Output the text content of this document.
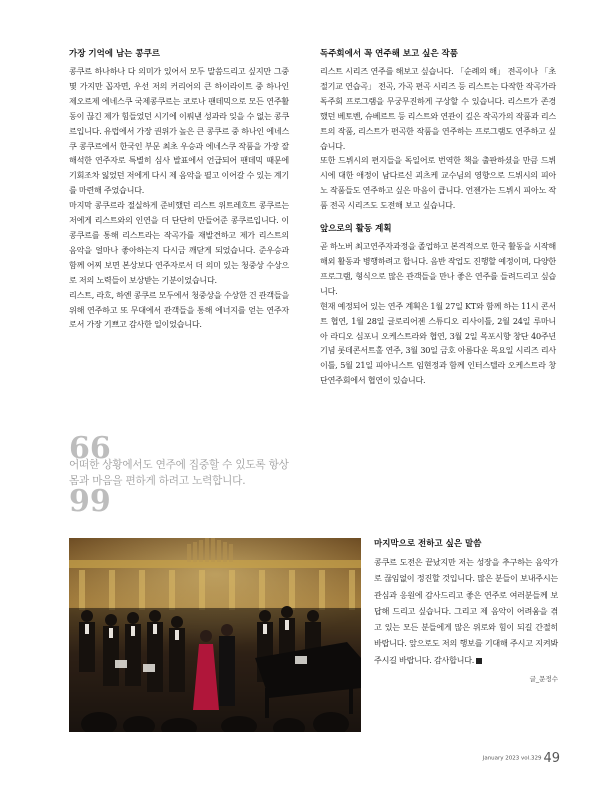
가장 기억에 남는 콩쿠르

콩쿠르 하나하나 다 의미가 있어서 모두 말씀드리고 싶지만 그중 몇 가지만 꼽자면, 우선 저의 커리어의 큰 하이라이트 중 하나인 제오르제 에네스쿠 국제콩쿠르는 코로나 팬데믹으로 모든 연주활동이 끊긴 제가 힘들었던 시기에 이뤄낸 성과라 잊을 수 없는 콩쿠르입니다. 유럽에서 가장 권위가 높은 큰 콩쿠르 중 하나인 에네스쿠 콩쿠르에서 한국인 부문 최초 우승과 에네스쿠 작품을 가장 잘 해석한 연주자로 특별히 심사 발표에서 언급되어 팬데믹 때문에 기회조차 잃었던 저에게 다시 제 음악을 펼고 이어갈 수 있는 계기를 마련해 주었습니다.

마지막 콩쿠르라 절실하게 준비했던 리스트 위트레흐트 콩쿠르는 저에게 리스트와의 인연을 더 단단히 만들어준 콩쿠르입니다. 이 콩쿠르를 통해 리스트라는 작곡가를 재발견하고 제가 리스트의 음악을 얼마나 좋아하는지 다시금 깨닫게 되었습니다. 준우승과 함께 어찌 보면 본상보다 연주자로서 더 의미 있는 청중상 수상으로 저의 노력들이 보상받는 기분이었습니다.

리스트, 라흐, 하엔 콩쿠르 모두에서 청중상을 수상한 건 관객들을 위해 연주하고 또 무대에서 관객들을 통해 에너지를 얻는 연주자로서 가장 기쁘고 감사한 일이었습니다.

66

어떠한 상황에서도 연주에 집중할 수 있도록 항상 몸과 마음을 편하게 하려고 노력합니다.

99
독주회에서 꼭 연주해 보고 싶은 작품

리스트 시리즈 연주를 해보고 싶습니다. 「순례의 해」 전곡이나 「초절기교 연습곡」 전곡, 가곡 편곡 시리즈 등 리스트는 다작한 작곡가라 독주회 프로그램을 무궁무진하게 구상할 수 있습니다. 리스트가 존경했던 베토벤, 슈베르트 등 리스트와 연관이 깊은 작곡가의 작품과 리스트의 작품, 리스트가 편곡한 작품을 연주하는 프로그램도 연주하고 싶습니다.

또한 드뷔시의 편지들을 독일어로 번역한 책을 출판하셨을 만큼 드뷔시에 대한 애정이 남다르신 괴츠케 교수님의 영향으로 드뷔시의 피아노 작품들도 연주하고 싶은 마음이 큽니다. 언젠가는 드뷔시 피아노 작품 전곡 시리즈도 도전해 보고 싶습니다.

앞으로의 활동 계획

곧 하노버 최고연주자과정을 졸업하고 본격적으로 한국 활동을 시작해 해외 활동과 병행하려고 합니다. 음반 작업도 진행할 예정이며, 다양한 프로그램, 형식으로 많은 관객들을 만나 좋은 연주를 들려드리고 싶습니다.

현재 예정되어 있는 연주 계획은 1월 27일 KT와 함께 하는 11시 콘서트 협연, 1월 28일 글로리어젠 스튜디오 리사이틀, 2월 24일 루마니아 라디오 심포니 오케스트라와 협연, 3월 2일 목포시향 창단 40주년 기념 롯데콘서트홀 연주, 3월 30일 금호 아름다운 목요일 시리즈 리사이틀, 5월 21일 피아니스트 임현정과 함께 인터스텔라 오케스트라 창단연주회에서 협연이 있습니다.

마지막으로 전하고 싶은 말씀

콩쿠르 도전은 끝났지만 저는 성장을 추구하는 음악가로 끊임없이 정진할 것입니다. 많은 분들이 보내주시는 관심과 응원에 감사드리고 좋은 연주로 여러분들께 보답해 드리고 싶습니다. 그리고 제 음악이 어려움을 겪고 있는 모든 분들에게 많은 위로와 힘이 되길 간절히 바랍니다. 앞으로도 저의 행보를 기대해 주시고 지켜봐 주시길 바랍니다. 감사합니다.

글_문정수
January 2023 vol.329 49
